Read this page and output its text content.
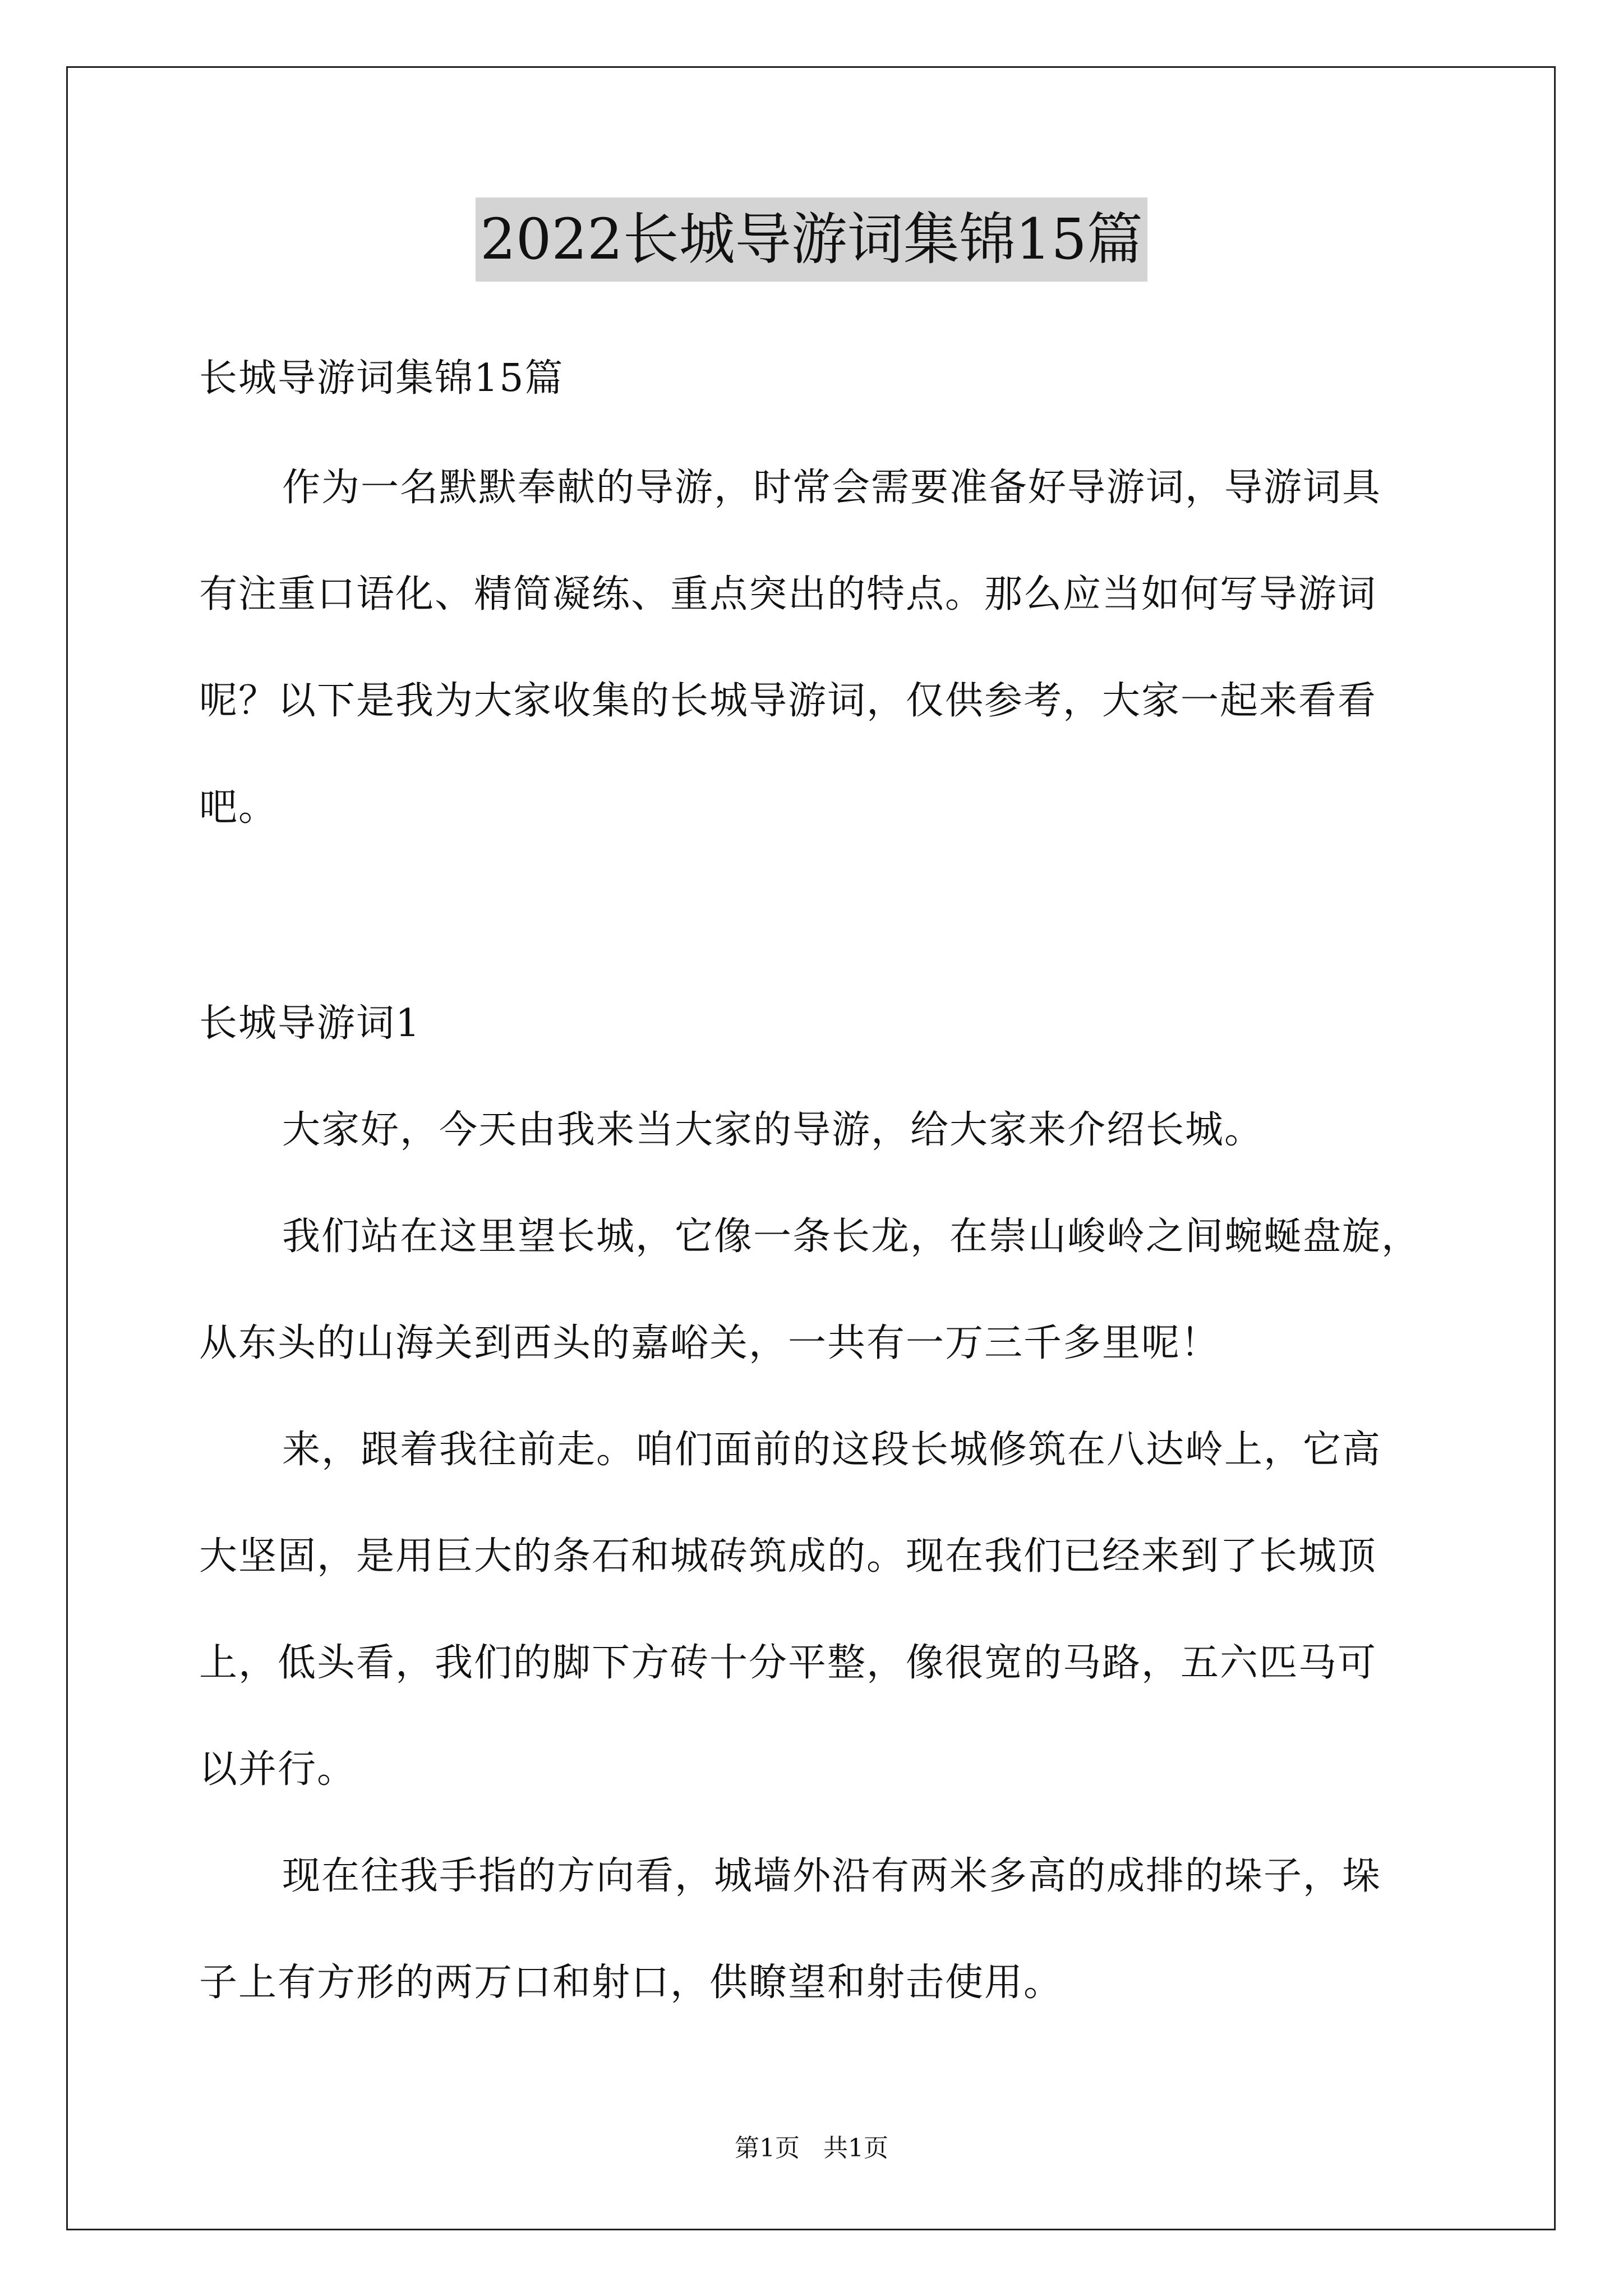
2022长城导游词集锦15篇
长城导游词集锦15篇
作为一名默默奉献的导游，时常会需要准备好导游词，导游词具
有注重口语化、精简凝练、重点突出的特点。那么应当如何写导游词
呢？以下是我为大家收集的长城导游词，仅供参考，大家一起来看看
吧。
长城导游词1
大家好，今天由我来当大家的导游，给大家来介绍长城。
我们站在这里望长城，它像一条长龙，在崇山峻岭之间蜿蜒盘旋，
从东头的山海关到西头的嘉峪关，一共有一万三千多里呢！
来，跟着我往前走。咱们面前的这段长城修筑在八达岭上，它高
大坚固，是用巨大的条石和城砖筑成的。现在我们已经来到了长城顶
上，低头看，我们的脚下方砖十分平整，像很宽的马路，五六匹马可
以并行。
现在往我手指的方向看，城墙外沿有两米多高的成排的垛子，垛
子上有方形的两万口和射口，供瞭望和射击使用。
第1页   共1页
